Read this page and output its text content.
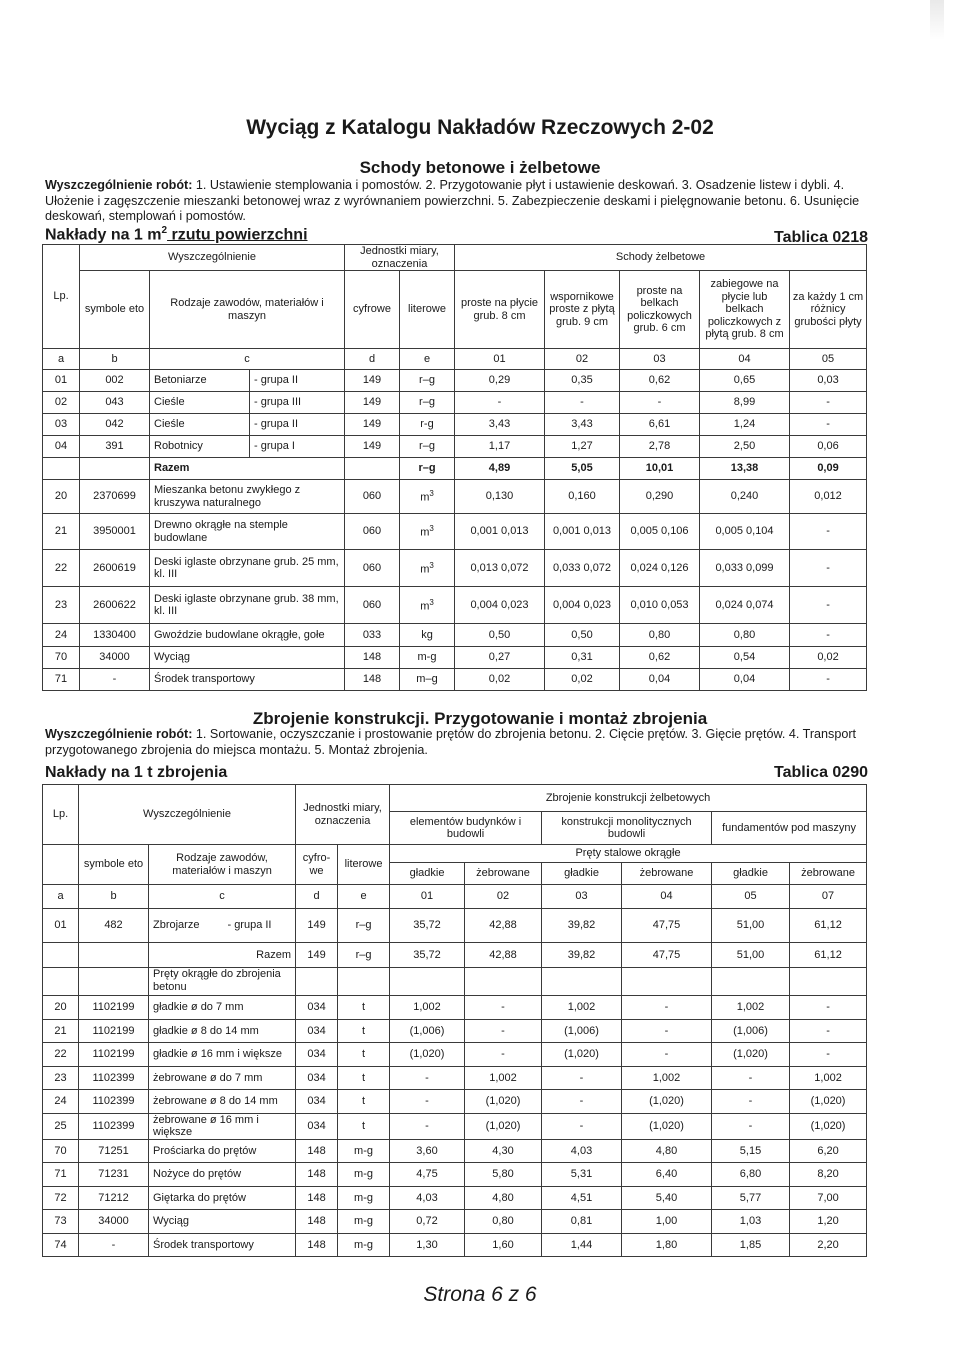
Wyciąg z Katalogu Nakładów Rzeczowych 2-02
Schody betonowe i żelbetowe
Wyszczególnienie robót: 1. Ustawienie stemplowania i pomostów. 2. Przygotowanie płyt i ustawienie deskowań. 3. Osadzenie listew i dybli. 4. Ułożenie i zagęszczenie mieszanki betonowej wraz z wyrównaniem powierzchni. 5. Zabezpieczenie deskami i pielęgnowanie betonu. 6. Usunięcie deskowań, stemplowań i pomostów.
Nakłady na 1 $m^2$ rzutu powierzchni	Tablica 0218
Lp.	Wyszczególnienie			Jednostki miary, oznaczenia		Schody żelbetowe				
	symbole eto	Rodzaje zawodów, materiałów i maszyn		cyfrowe	literowe	proste na płycie grub. 8 cm	wspornikowe proste z płytą grub. 9 cm	proste na belkach policzkowych grub. 6 cm	zabiegowe na płycie lub belkach policzkowych z płytą grub. 8 cm	za każdy 1 cm różnicy grubości płyty
a	b	c		d	e	01	02	03	04	05
01	002	Betoniarze	- grupa II	149	r–g	0,29	0,35	0,62	0,65	0,03
02	043	Cieśle	- grupa III	149	r–g	-	-	-	8,99	-
03	042	Cieśle	- grupa II	149	r-g	3,43	3,43	6,61	1,24	-
04	391	Robotnicy	- grupa I	149	r–g	1,17	1,27	2,78	2,50	0,06
		Razem			r–g	4,89	5,05	10,01	13,38	0,09
20	2370699	Mieszanka betonu zwykłego z kruszywa naturalnego		060	$m^3$	0,130	0,160	0,290	0,240	0,012
21	3950001	Drewno okrągłe na stemple budowlane		060	$m^3$	0,001 0,013	0,001 0,013	0,005 0,106	0,005 0,104	-
22	2600619	Deski iglaste obrzynane grub. 25 mm, kl. III		060	$m^3$	0,013 0,072	0,033 0,072	0,024 0,126	0,033 0,099	-
23	2600622	Deski iglaste obrzynane grub. 38 mm, kl. III		060	$m^3$	0,004 0,023	0,004 0,023	0,010 0,053	0,024 0,074	-
24	1330400	Gwoździe budowlane okrągłe, gołe		033	kg	0,50	0,50	0,80	0,80	-
70	34000	Wyciąg		148	m-g	0,27	0,31	0,62	0,54	0,02
71	-	Środek transportowy		148	m–g	0,02	0,02	0,04	0,04	-
Zbrojenie konstrukcji. Przygotowanie i montaż zbrojenia
Wyszczególnienie robót: 1. Sortowanie, oczyszczanie i prostowanie prętów do zbrojenia betonu. 2. Cięcie prętów. 3. Gięcie prętów. 4. Transport przygotowanego zbrojenia do miejsca montażu. 5. Montaż zbrojenia.
Nakłady na 1 t zbrojenia	Tablica 0290
Lp.	Wyszczególnienie		Jednostki miary, oznaczenia		Zbrojenie konstrukcji żelbetowych					
					elementów budynków i budowli		konstrukcji monolitycznych budowli		fundamentów pod maszyny	
	symbole eto	Rodzaje zawodów, materiałów i maszyn	cyfro- we	literowe	Pręty stalowe okrągłe					
					gładkie	żebrowane	gładkie	żebrowane	gładkie	żebrowane
a	b	c	d	e	01	02	03	04	05	07
01	482	Zbrojarze - grupa II	149	r–g	35,72	42,88	39,82	47,75	51,00	61,12
		Razem	149	r–g	35,72	42,88	39,82	47,75	51,00	61,12
		Pręty okrągłe do zbrojenia betonu								
20	1102199	gładkie ø do 7 mm	034	t	1,002	-	1,002	-	1,002	-
21	1102199	gładkie ø 8 do 14 mm	034	t	(1,006)	-	(1,006)	-	(1,006)	-
22	1102199	gładkie ø 16 mm i większe	034	t	(1,020)	-	(1,020)	-	(1,020)	-
23	1102399	żebrowane ø do 7 mm	034	t	-	1,002	-	1,002	-	1,002
24	1102399	żebrowane ø 8 do 14 mm	034	t	-	(1,020)	-	(1,020)	-	(1,020)
25	1102399	żebrowane ø 16 mm i większe	034	t	-	(1,020)	-	(1,020)	-	(1,020)
70	71251	Prościarka do prętów	148	m-g	3,60	4,30	4,03	4,80	5,15	6,20
71	71231	Nożyce do prętów	148	m-g	4,75	5,80	5,31	6,40	6,80	8,20
72	71212	Giętarka do prętów	148	m-g	4,03	4,80	4,51	5,40	5,77	7,00
73	34000	Wyciąg	148	m-g	0,72	0,80	0,81	1,00	1,03	1,20
74	-	Środek transportowy	148	m-g	1,30	1,60	1,44	1,80	1,85	2,20
Strona 6 z 6
